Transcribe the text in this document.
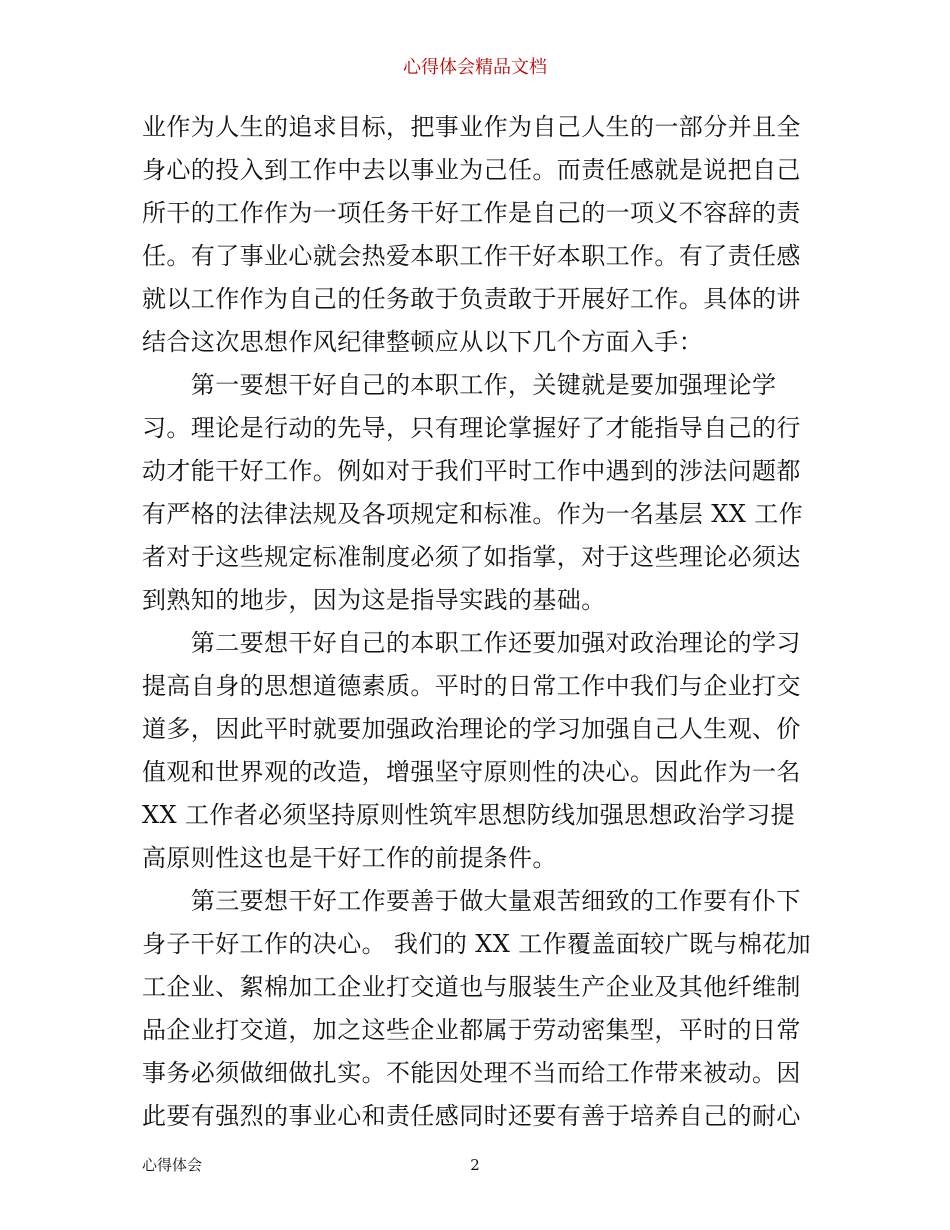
心得体会精品文档
业作为人生的追求目标，把事业作为自己人生的一部分并且全
身心的投入到工作中去以事业为己任。而责任感就是说把自己
所干的工作作为一项任务干好工作是自己的一项义不容辞的责
任。有了事业心就会热爱本职工作干好本职工作。有了责任感
就以工作作为自己的任务敢于负责敢于开展好工作。具体的讲
结合这次思想作风纪律整顿应从以下几个方面入手：
　　第一要想干好自己的本职工作，关键就是要加强理论学
习。理论是行动的先导，只有理论掌握好了才能指导自己的行
动才能干好工作。例如对于我们平时工作中遇到的涉法问题都
有严格的法律法规及各项规定和标准。作为一名基层 XX 工作
者对于这些规定标准制度必须了如指掌，对于这些理论必须达
到熟知的地步，因为这是指导实践的基础。
　　第二要想干好自己的本职工作还要加强对政治理论的学习
提高自身的思想道德素质。平时的日常工作中我们与企业打交
道多，因此平时就要加强政治理论的学习加强自己人生观、价
值观和世界观的改造，增强坚守原则性的决心。因此作为一名
XX 工作者必须坚持原则性筑牢思想防线加强思想政治学习提
高原则性这也是干好工作的前提条件。
　　第三要想干好工作要善于做大量艰苦细致的工作要有仆下
身子干好工作的决心。 我们的 XX 工作覆盖面较广既与棉花加
工企业、絮棉加工企业打交道也与服装生产企业及其他纤维制
品企业打交道，加之这些企业都属于劳动密集型，平时的日常
事务必须做细做扎实。不能因处理不当而给工作带来被动。因
此要有强烈的事业心和责任感同时还要有善于培养自己的耐心
心得体会	2
